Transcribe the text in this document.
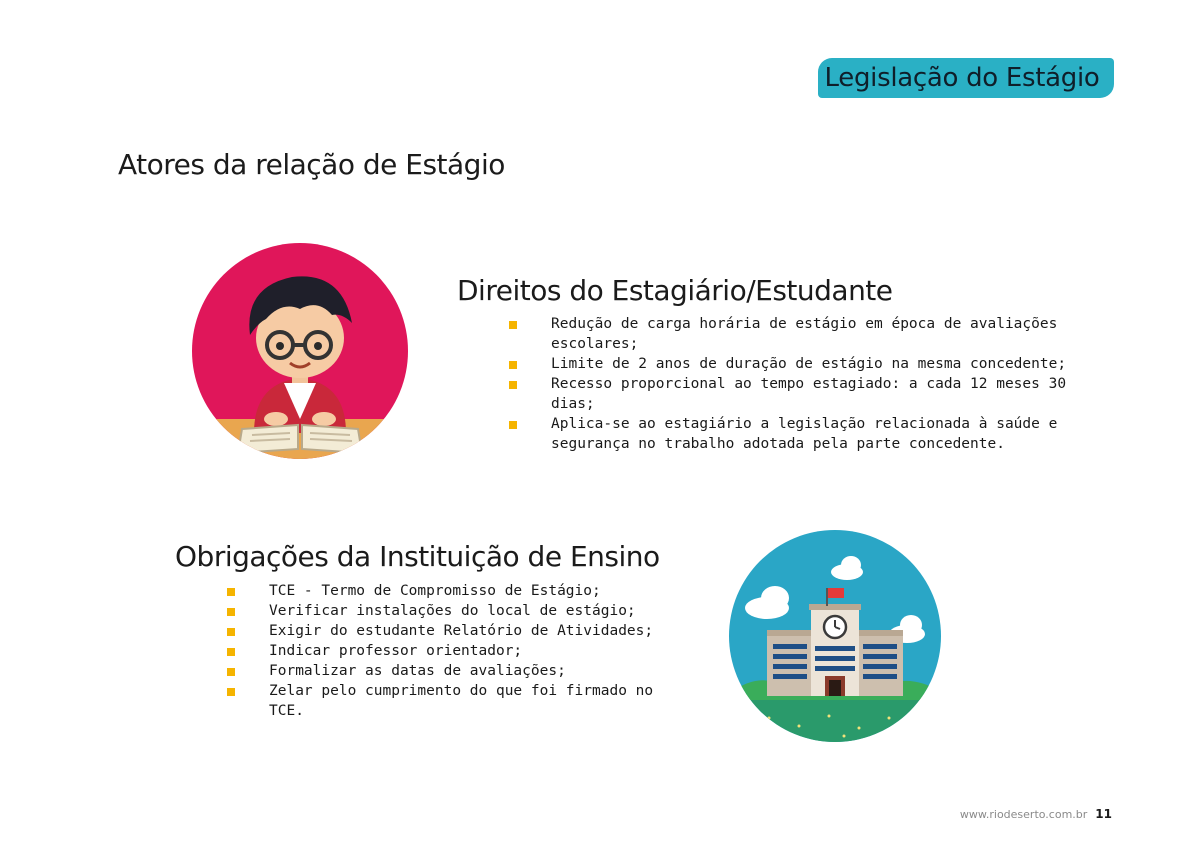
Legislação do Estágio
Atores da relação de Estágio
Direitos do Estagiário/Estudante
Redução de carga horária de estágio em época de avaliações escolares;
Limite de 2 anos de duração de estágio na mesma concedente;
Recesso proporcional ao tempo estagiado: a cada 12 meses 30 dias;
Aplica-se ao estagiário a legislação relacionada à saúde e segurança no trabalho adotada pela parte concedente.
Obrigações da Instituição de Ensino
TCE - Termo de Compromisso de Estágio;
Verificar instalações do local de estágio;
Exigir do estudante Relatório de Atividades;
Indicar professor orientador;
Formalizar as datas de avaliações;
Zelar pelo cumprimento do que foi firmado no TCE.
www.riodeserto.com.br 11
